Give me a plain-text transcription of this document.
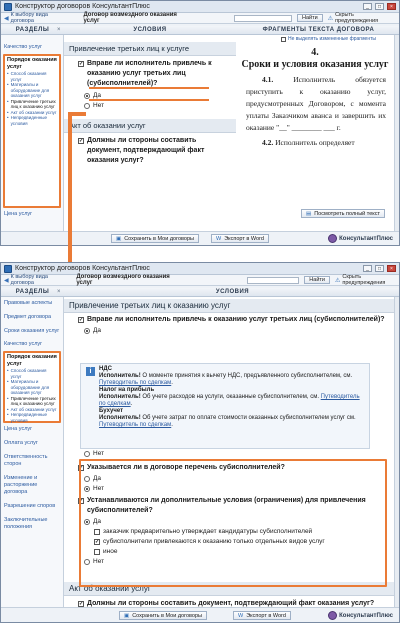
Конструктор договоров КонсультантПлюс	_	□	×
◀
К выбору вида договора
Договор возмездного оказания услуг	Найти	⚠
Скрыть предупреждения
РАЗДЕЛЫ ×	УСЛОВИЯ	ФРАГМЕНТЫ ТЕКСТА ДОГОВОРА
Качество услуг
Порядок оказания услуг
• Способ оказания услуг
• Материалы и оборудование для оказания услуг
• Привлечение третьих лиц к оказанию услуг
• Акт об оказании услуг
• Непредвиденные условия
Цена услуг
Привлечение третьих лиц к услуге
✓ Вправе ли исполнитель привлечь к оказанию услуг третьих лиц (субисполнителей)?
Да
Нет
Акт об оказании услуг
✓ Должны ли стороны составить документ, подтверждающий факт оказания услуг?
Не выделять измененные фрагменты
4.
Сроки и условия оказания услуг
4.1.	Исполнитель обязуется приступить к оказанию услуг, предусмотренных Договором, с момента уплаты Заказчиком аванса и завершить их оказание "__" ________ ___ г.
4.2. Исполнитель определяет
▤ Посмотреть полный текст
▣ Сохранить в Мои договоры	W Экспорт в Word	КонсультантПлюс
Конструктор договоров КонсультантПлюс	_	□	×
◀
К выбору вида договора
Договор возмездного оказания услуг	Найти	⚠
Скрыть предупреждения
РАЗДЕЛЫ ×	УСЛОВИЯ
Правовые аспекты
Предмет договора
Сроки оказания услуг
Качество услуг
Порядок оказания услуг
• Способ оказания услуг
• Материалы и оборудование для оказания услуг
• Привлечение третьих лиц к оказанию услуг
• Акт об оказании услуг
• Непредвиденные условия
Цена услуг
Оплата услуг
Ответственность сторон
Изменение и расторжение договора
Разрешение споров
Заключительные положения
Привлечение третьих лиц к оказанию услуг
✓ Вправе ли исполнитель привлечь к оказанию услуг третьих лиц (субисполнителей)?
Да
i	НДС
Исполнитель! О моменте принятия к вычету НДС, предъявленного субисполнителем, см. Путеводитель по сделкам.
Налог на прибыль
Исполнитель! Об учете расходов на услуги, оказанные субисполнителем, см. Путеводитель по сделкам.
Бухучет
Исполнитель! Об учете затрат по оплате стоимости оказанных субисполнителем услуг см. Путеводитель по сделкам.
Нет
✓ Указывается ли в договоре перечень субисполнителей?
Да
Нет
✓ Устанавливаются ли дополнительные условия (ограничения) для привлечения субисполнителей?
Да
заказчик предварительно утверждает кандидатуры субисполнителей
✓ субисполнители привлекаются к оказанию только отдельных видов услуг
иное
Нет
Акт об оказании услуг
✓ Должны ли стороны составить документ, подтверждающий факт оказания услуг?
▣ Сохранить в Мои договоры	W Экспорт в Word	КонсультантПлюс
